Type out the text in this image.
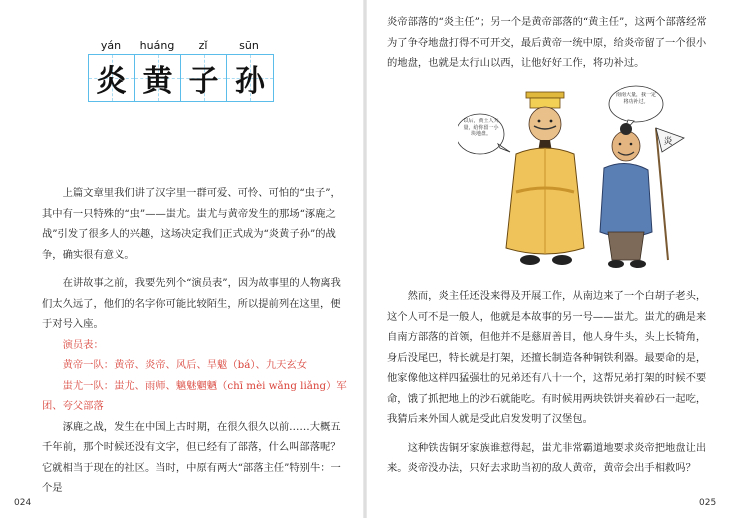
yán	huáng	zǐ	sūn
炎 黄 子 孙

上篇文章里我们讲了汉字里一群可爱、可怜、可怕的“虫子”，其中有一只特殊的“虫”——蚩尤。蚩尤与黄帝发生的那场“涿鹿之战”引发了很多人的兴趣，这场决定我们正式成为“炎黄子孙”的战争，确实很有意义。

在讲故事之前，我要先列个“演员表”，因为故事里的人物离我们太久远了，他们的名字你可能比较陌生，所以提前列在这里，便于对号入座。

演员表：

黄帝一队：黄帝、炎帝、风后、旱魃（bá）、九天玄女

蚩尤一队：蚩尤、雨师、魑魅魍魉（chī mèi wǎng liǎng）军团、夸父部落

涿鹿之战，发生在中国上古时期，在很久很久以前……大概五千年前，那个时候还没有文字，但已经有了部落，什么叫部落呢？它就相当于现在的社区。当时，中原有两大“部落主任”特别牛：一个是

024

炎帝部落的“炎主任”；另一个是黄帝部落的“黄主任”，这两个部落经常为了争夺地盘打得不可开交，最后黄帝一统中原，给炎帝留了一个很小的地盘，也就是太行山以西，让他好好工作，将功补过。

然而，炎主任还没来得及开展工作，从南边来了一个白胡子老头，这个人可不是一般人，他就是本故事的另一号——蚩尤。蚩尤的确是来自南方部落的首领，但他并不是慈眉善目，他人身牛头，头上长犄角，身后没尾巴，特长就是打架，还擅长制造各种铜铁利器。最要命的是，他家像他这样四猛强壮的兄弟还有八十一个，这帮兄弟打架的时候不要命，饿了抓把地上的沙石就能吃。有时候用两块铁饼夹着砂石一起吃，我猜后来外国人就是受此启发发明了汉堡包。

这种铁齿铜牙家族谁惹得起，蚩尤非常霸道地要求炎帝把地盘让出来。炎帝没办法，只好去求助当初的敌人黄帝，黄帝会出手相救吗？

025
以后，黄土人大量，给你留一小块地盘。
南南大量，我一定将功补过。
炎
